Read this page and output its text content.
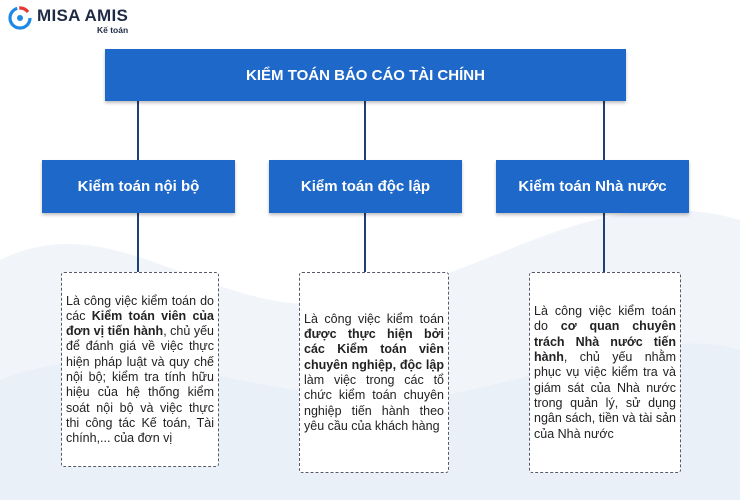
MISA AMIS
Kế toán
KIỂM TOÁN BÁO CÁO TÀI CHÍNH
Kiểm toán nội bộ	Kiểm toán độc lập	Kiểm toán Nhà nước

Là công việc kiểm toán do các Kiểm toán viên của đơn vị tiến hành, chủ yếu để đánh giá về việc thực hiện pháp luật và quy chế nội bộ; kiểm tra tính hữu hiệu của hệ thống kiểm soát nội bộ và việc thực thi công tác Kế toán, Tài chính,... của đơn vị

Là công việc kiểm toán được thực hiện bởi các Kiểm toán viên chuyên nghiệp, độc lập làm việc trong các tổ chức kiểm toán chuyên nghiệp tiến hành theo yêu cầu của khách hàng

Là công việc kiểm toán do cơ quan chuyên trách Nhà nước tiến hành, chủ yếu nhằm phục vụ việc kiểm tra và giám sát của Nhà nước trong quản lý, sử dụng ngân sách, tiền và tài sản của Nhà nước
